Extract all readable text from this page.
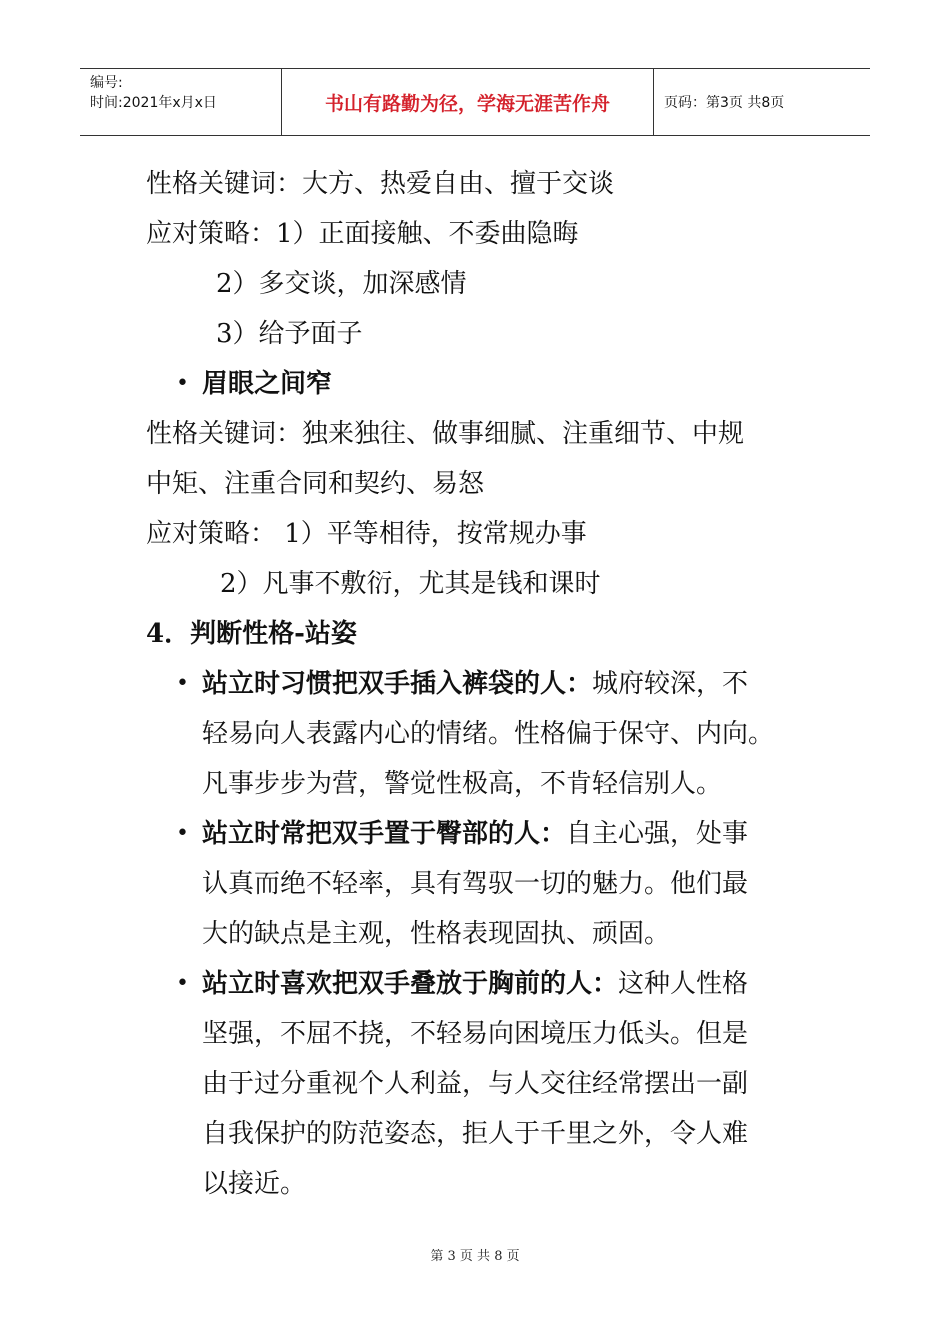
编号:
时间:2021年x月x日	书山有路勤为径，学海无涯苦作舟	页码：第3页 共8页
性格关键词：大方、热爱自由、擅于交谈
应对策略：1）正面接触、不委曲隐晦
2）多交谈，加深感情
3）给予面子
• 眉眼之间窄
性格关键词：独来独往、做事细腻、注重细节、中规
中矩、注重合同和契约、易怒
应对策略： 1）平等相待，按常规办事
2）凡事不敷衍，尤其是钱和课时
4．判断性格-站姿
• 站立时习惯把双手插入裤袋的人：城府较深，不
轻易向人表露内心的情绪。性格偏于保守、内向。
凡事步步为营，警觉性极高，不肯轻信别人。
• 站立时常把双手置于臀部的人：自主心强，处事
认真而绝不轻率，具有驾驭一切的魅力。他们最
大的缺点是主观，性格表现固执、顽固。
• 站立时喜欢把双手叠放于胸前的人：这种人性格
坚强，不屈不挠，不轻易向困境压力低头。但是
由于过分重视个人利益，与人交往经常摆出一副
自我保护的防范姿态，拒人于千里之外，令人难
以接近。
第 3 页 共 8 页
